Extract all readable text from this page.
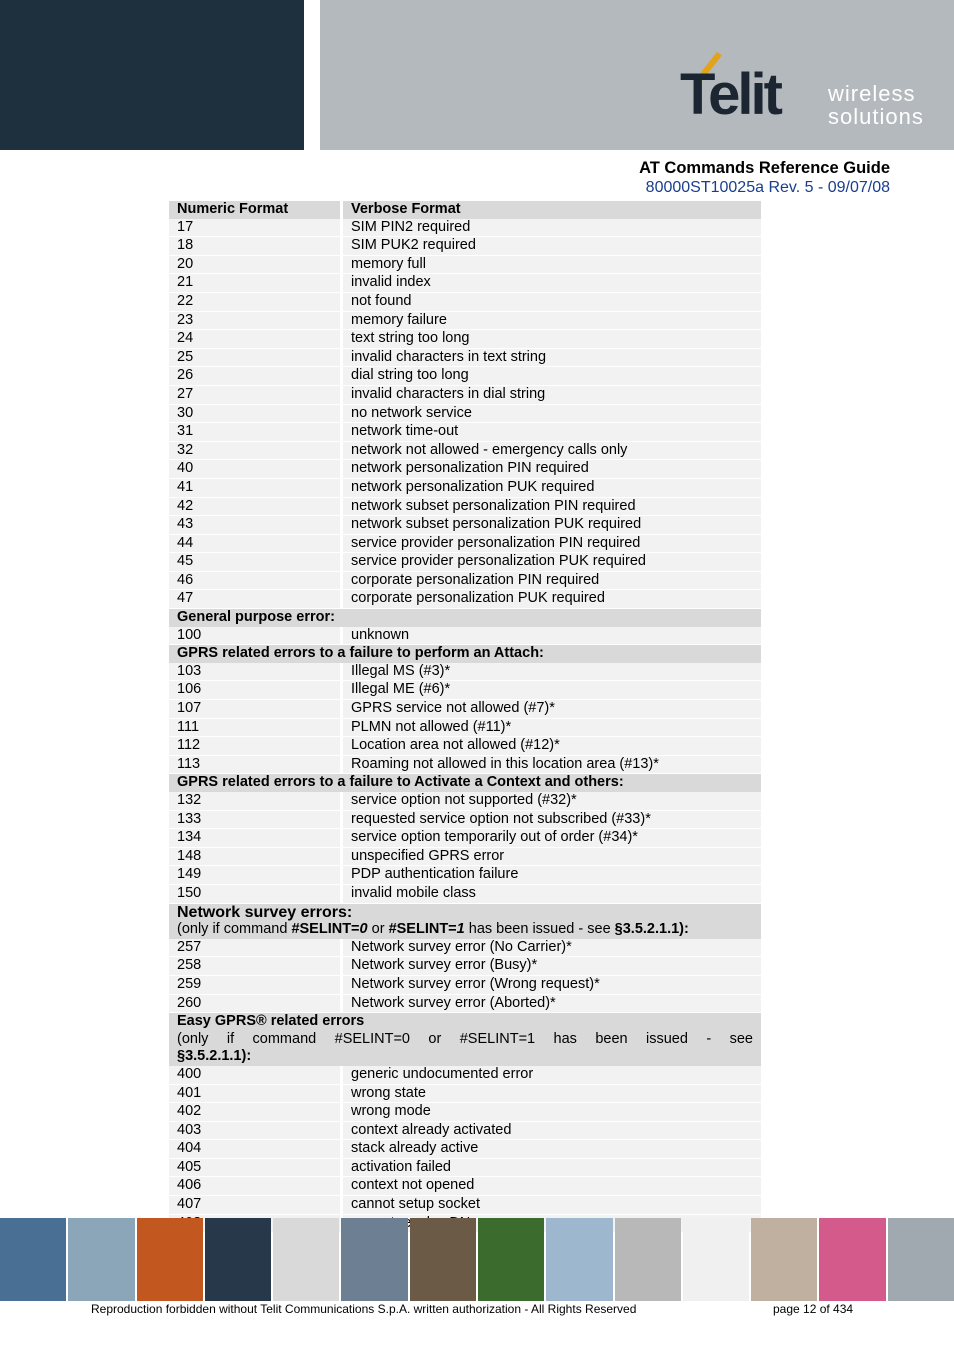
Telit wireless
solutions
AT Commands Reference Guide
80000ST10025a Rev. 5 - 09/07/08
Numeric Format	Verbose Format
17	SIM PIN2 required
18	SIM PUK2 required
20	memory full
21	invalid index
22	not found
23	memory failure
24	text string too long
25	invalid characters in text string
26	dial string too long
27	invalid characters in dial string
30	no network service
31	network time-out
32	network not allowed - emergency calls only
40	network personalization PIN required
41	network personalization PUK required
42	network subset personalization PIN required
43	network subset personalization PUK required
44	service provider personalization PIN required
45	service provider personalization PUK required
46	corporate personalization PIN required
47	corporate personalization PUK required
General purpose error:	
100	unknown
GPRS related errors to a failure to perform an Attach:	
103	Illegal MS (#3)*
106	Illegal ME (#6)*
107	GPRS service not allowed (#7)*
111	PLMN not allowed (#11)*
112	Location area not allowed (#12)*
113	Roaming not allowed in this location area (#13)*
GPRS related errors to a failure to Activate a Context and others:	
132	service option not supported (#32)*
133	requested service option not subscribed (#33)*
134	service option temporarily out of order (#34)*
148	unspecified GPRS error
149	PDP authentication failure
150	invalid mobile class

Network survey errors:
(only if command #SELINT=0 or #SELINT=1 has been issued - see §3.5.2.1.1):	

257	Network survey error (No Carrier)*
258	Network survey error (Busy)*
259	Network survey error (Wrong request)*
260	Network survey error (Aborted)*

Easy GPRS® related errors
(only if command #SELINT=0 or #SELINT=1 has been issued - see
§3.5.2.1.1):	

400	generic undocumented error
401	wrong state
402	wrong mode
403	context already activated
404	stack already active
405	activation failed
406	context not opened
407	cannot setup socket

Reproduction forbidden without Telit Communications S.p.A. written authorization - All Rights Reserved	page 12 of 434
